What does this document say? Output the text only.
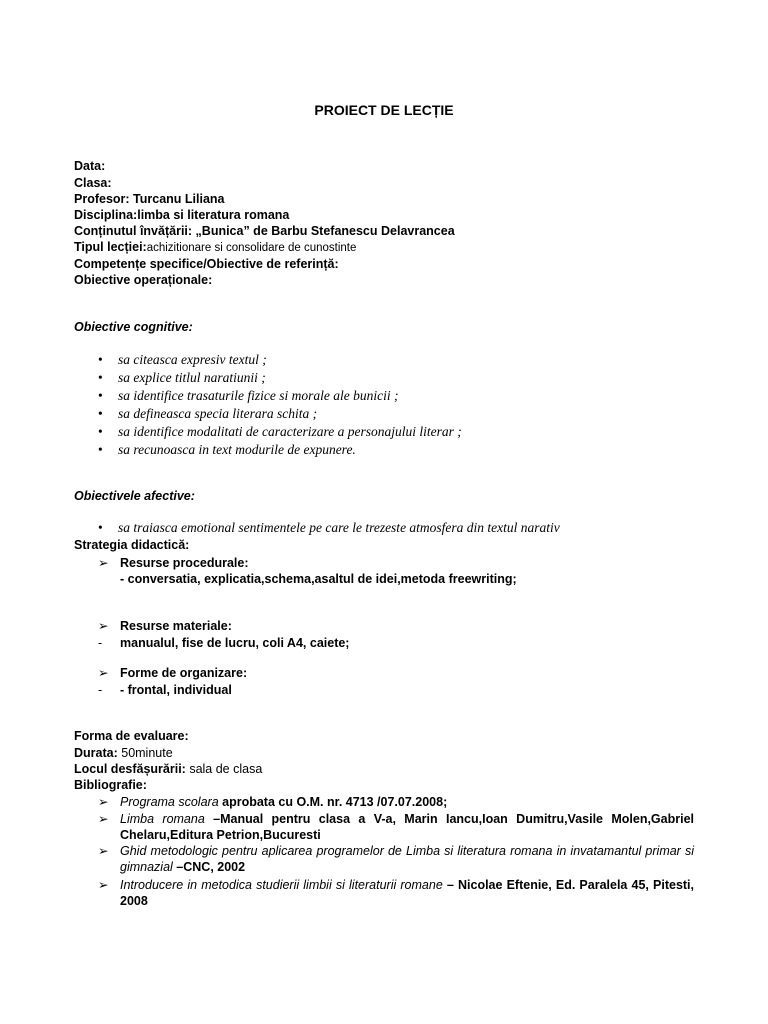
PROIECT DE LECȚIE
Data:
Clasa:
Profesor: Turcanu Liliana
Disciplina:limba si literatura romana
Conținutul învățării: „Bunica” de Barbu Stefanescu Delavrancea
Tipul lecției:achizitionare si consolidare de cunostinte
Competențe specifice/Obiective de referință:
Obiective operaționale:
Obiective cognitive:
• sa citeasca expresiv textul ;
• sa explice titlul naratiunii ;
• sa identifice trasaturile fizice si morale ale bunicii ;
• sa defineasca specia literara schita ;
• sa identifice modalitati de caracterizare a personajului literar ;
• sa recunoasca in text modurile de expunere.
Obiectivele afective:
• sa traiasca emotional sentimentele pe care le trezeste atmosfera din textul narativ
Strategia didactică:
➢ Resurse procedurale:
- conversatia, explicatia,schema,asaltul de idei,metoda freewriting;
➢ Resurse materiale:
- manualul, fise de lucru, coli A4, caiete;
➢ Forme de organizare:
- - frontal, individual
Forma de evaluare:
Durata: 50minute
Locul desfășurării: sala de clasa
Bibliografie:
➢ Programa scolara aprobata cu O.M. nr. 4713 /07.07.2008;
➢ Limba romana –Manual pentru clasa a V-a, Marin Iancu,Ioan Dumitru,Vasile Molen,Gabriel Chelaru,Editura Petrion,Bucuresti
➢ Ghid metodologic pentru aplicarea programelor de Limba si literatura romana in invatamantul primar si gimnazial –CNC, 2002
➢ Introducere in metodica studierii limbii si literaturii romane – Nicolae Eftenie, Ed. Paralela 45, Pitesti, 2008
